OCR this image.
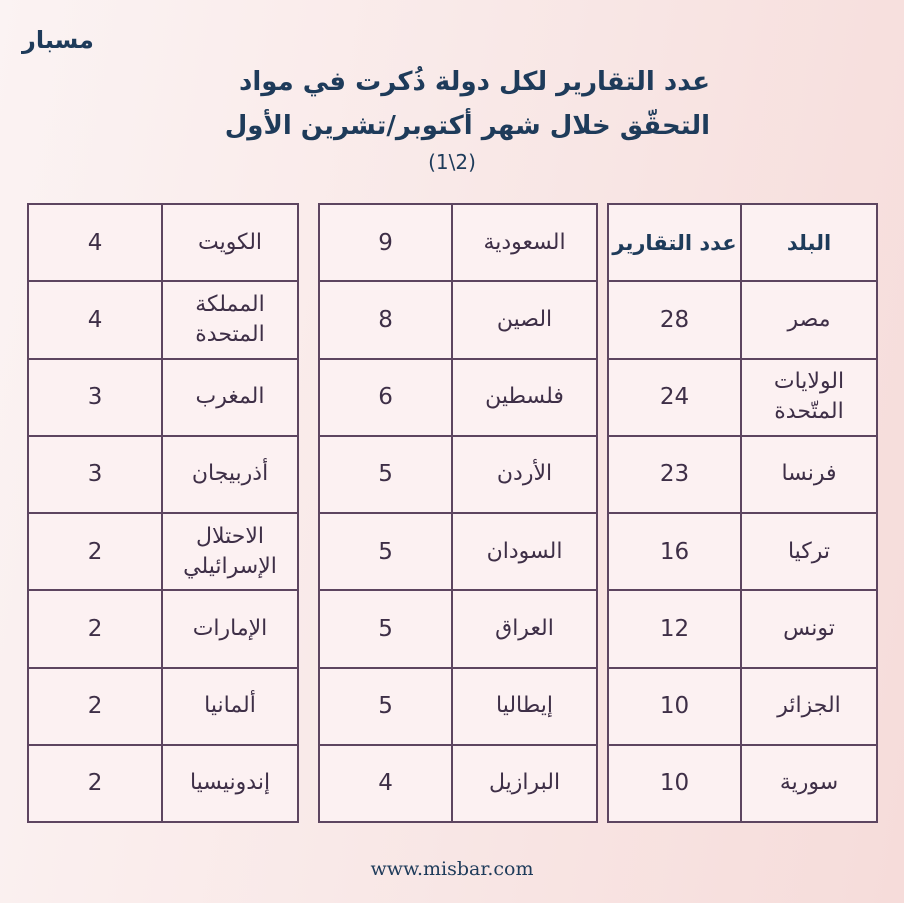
مسبار
عدد التقارير لكل دولة ذُكرت في مواد
التحقّق خلال شهر أكتوبر/تشرين الأول
(1\2)
البلد
عدد التقارير
مصر
28
الولايات المتّحدة
24
فرنسا
23
تركيا
16
تونس
12
الجزائر
10
سورية
10
السعودية
9
الصين
8
فلسطين
6
الأردن
5
السودان
5
العراق
5
إيطاليا
5
البرازيل
4
الكويت
4
المملكة المتحدة
4
المغرب
3
أذربيجان
3
الاحتلال الإسرائيلي
2
الإمارات
2
ألمانيا
2
إندونيسيا
2
www.misbar.com
